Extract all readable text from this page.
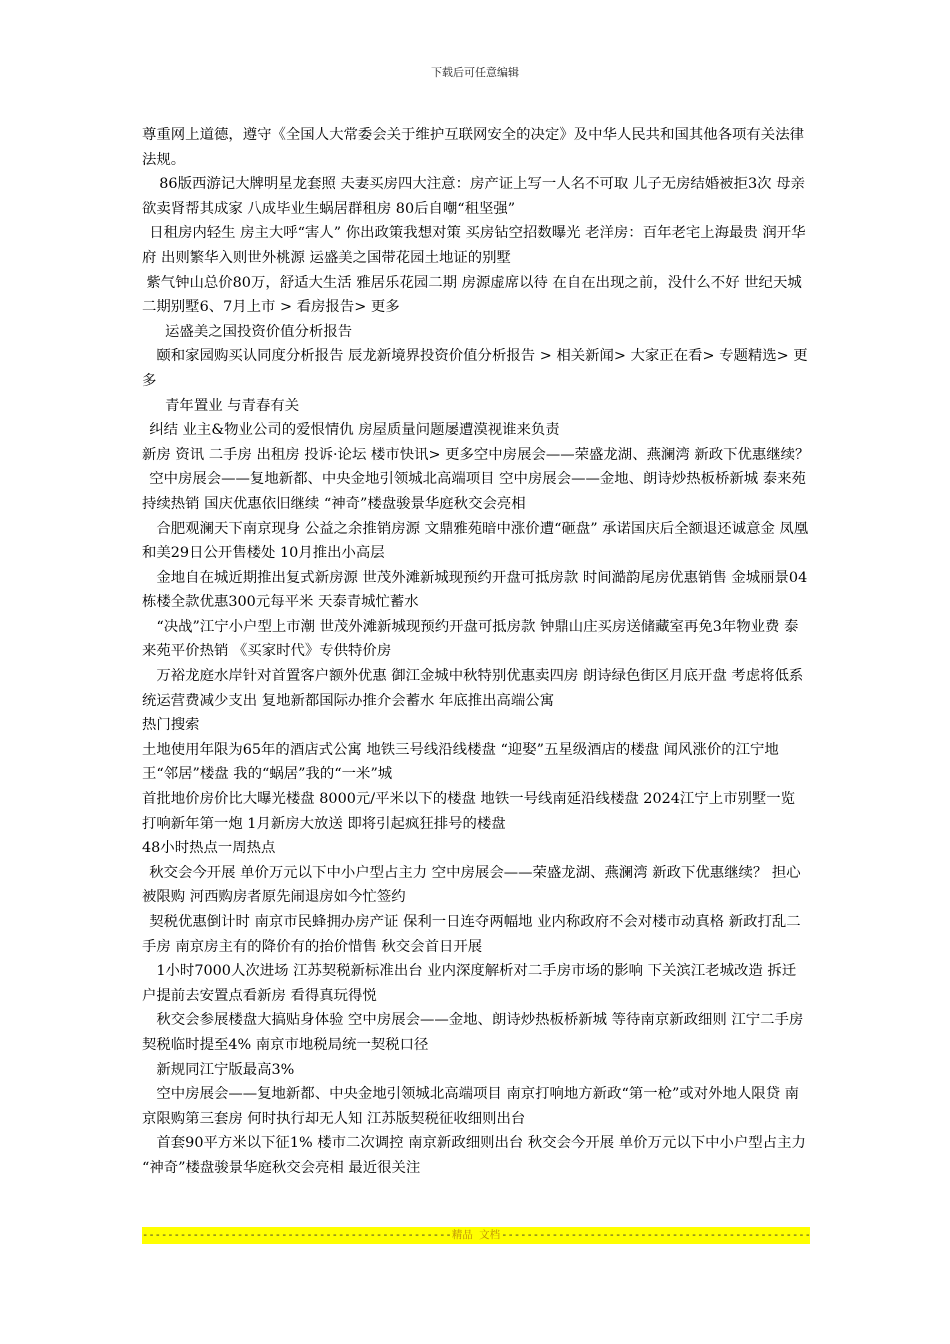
下载后可任意编辑

尊重网上道德，遵守《全国人大常委会关于维护互联网安全的决定》及中华人民共和国其他各项有关法律法规。

86版西游记大牌明星龙套照 夫妻买房四大注意：房产证上写一人名不可取 儿子无房结婚被拒3次 母亲欲卖肾帮其成家 八成毕业生蜗居群租房 80后自嘲“租坚强”

日租房内轻生 房主大呼“害人” 你出政策我想对策 买房钻空招数曝光 老洋房：百年老宅上海最贵 润开华府 出则繁华入则世外桃源 运盛美之国带花园土地证的别墅

紫气钟山总价80万，舒适大生活 雅居乐花园二期 房源虚席以待 在自在出现之前，没什么不好 世纪天城 二期别墅6、7月上市 > 看房报告> 更多

运盛美之国投资价值分析报告

颐和家园购买认同度分析报告 辰龙新境界投资价值分析报告 > 相关新闻> 大家正在看> 专题精选> 更多

青年置业 与青春有关

纠结 业主&物业公司的爱恨情仇 房屋质量问题屡遭漠视谁来负责

新房 资讯 二手房 出租房 投诉·论坛 楼市快讯> 更多空中房展会——荣盛龙湖、燕澜湾 新政下优惠继续？

空中房展会——复地新都、中央金地引领城北高端项目 空中房展会——金地、朗诗炒热板桥新城 泰来苑持续热销 国庆优惠依旧继续 “神奇”楼盘骏景华庭秋交会亮相

合肥观澜天下南京现身 公益之余推销房源 文鼎雅苑暗中涨价遭“砸盘” 承诺国庆后全额退还诚意金 凤凰和美29日公开售楼处 10月推出小高层

金地自在城近期推出复式新房源 世茂外滩新城现预约开盘可抵房款 时间澔韵尾房优惠销售 金城丽景04栋楼全款优惠300元每平米 天泰青城忙蓄水

“决战”江宁小户型上市潮 世茂外滩新城现预约开盘可抵房款 钟鼎山庄买房送储藏室再免3年物业费 泰来苑平价热销 《买家时代》专供特价房

万裕龙庭水岸针对首置客户额外优惠 御江金城中秋特别优惠卖四房 朗诗绿色街区月底开盘 考虑将低系统运营费减少支出 复地新都国际办推介会蓄水 年底推出高端公寓

热门搜索

土地使用年限为65年的酒店式公寓 地铁三号线沿线楼盘 “迎娶”五星级酒店的楼盘 闻风涨价的江宁地王“邻居”楼盘 我的“蜗居”我的“一米”城

首批地价房价比大曝光楼盘 8000元/平米以下的楼盘 地铁一号线南延沿线楼盘 2024江宁上市别墅一览 打响新年第一炮 1月新房大放送 即将引起疯狂排号的楼盘

48小时热点一周热点

秋交会今开展 单价万元以下中小户型占主力 空中房展会——荣盛龙湖、燕澜湾 新政下优惠继续？ 担心被限购 河西购房者原先闹退房如今忙签约

契税优惠倒计时 南京市民蜂拥办房产证 保利一日连夺两幅地 业内称政府不会对楼市动真格 新政打乱二手房 南京房主有的降价有的抬价惜售 秋交会首日开展

1小时7000人次进场 江苏契税新标准出台 业内深度解析对二手房市场的影响 下关滨江老城改造 拆迁户提前去安置点看新房 看得真玩得悦

秋交会参展楼盘大搞贴身体验 空中房展会——金地、朗诗炒热板桥新城 等待南京新政细则 江宁二手房契税临时提至4% 南京市地税局统一契税口径

新规同江宁版最高3%

空中房展会——复地新都、中央金地引领城北高端项目 南京打响地方新政“第一枪”或对外地人限贷 南京限购第三套房 何时执行却无人知 江苏版契税征收细则出台

首套90平方米以下征1% 楼市二次调控 南京新政细则出台 秋交会今开展 单价万元以下中小户型占主力 “神奇”楼盘骏景华庭秋交会亮相 最近很关注

-----
精品 文档
-----
